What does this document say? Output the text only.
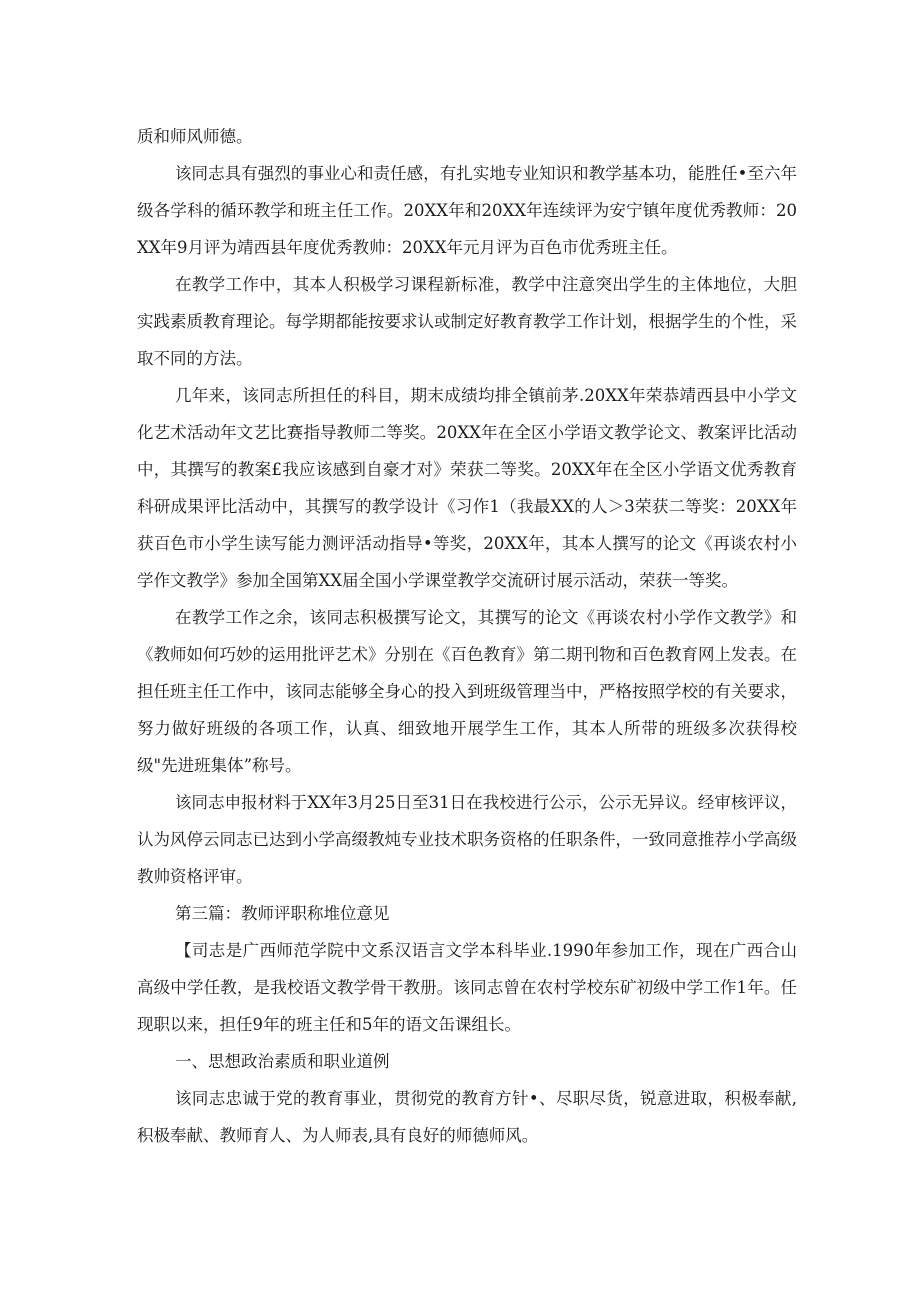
质和师风师德。

该同志具有强烈的事业心和责任感，有扎实地专业知识和教学基本功，能胜任•至六年级各学科的循环教学和班主任工作。20XX年和20XX年连续评为安宁镇年度优秀教师：20XX年9月评为靖西县年度优秀教帅：20XX年元月评为百色市优秀班主任。

在教学工作中，其本人积极学习课程新标准，教学中注意突出学生的主体地位，大胆实践素质教育理论。每学期都能按要求认或制定好教育教学工作计划，根据学生的个性，采取不同的方法。

几年来，该同志所担任的科目，期末成绩均排全镇前茅.20XX年荣恭靖西县中小学文化艺术活动年文艺比赛指导教师二等奖。20XX年在全区小学语文教学论文、教案评比活动中，其撰写的教案£我应该感到自豪才对》荣获二等奖。20XX年在全区小学语文优秀教育科研成果评比活动中，其撰写的教学设计《习作1（我最XX的人＞3荣获二等奖：20XX年获百色市小学生读写能力测评活动指导•等奖，20XX年，其本人撰写的论文《再谈农村小学作文教学》参加全国第XX届全国小学课堂教学交流研讨展示活动，荣获一等奖。

在教学工作之余，该同志积极撰写论文，其撰写的论文《再谈农村小学作文教学》和《教师如何巧妙的运用批评艺术》分别在《百色教育》第二期刊物和百色教育网上发表。在担任班主任工作中，该同志能够全身心的投入到班级管理当中，严格按照学校的有关要求，努力做好班级的各项工作，认真、细致地开展学生工作，其本人所带的班级多次获得校级"先进班集体”称号。

该同志申报材料于XX年3月25日至31日在我校进行公示，公示无异议。经审核评议，认为风停云同志已达到小学高缀教炖专业技术职务资格的任职条件，一致同意推荐小学高级教帅资格评审。

第三篇：教师评职称堆位意见

【司志是广西师范学院中文系汉语言文学本科毕业.1990年参加工作，现在广西合山高级中学任教，是我校语文教学骨干教册。该同志曾在农村学校东矿初级中学工作1年。任现职以来，担任9年的班主任和5年的语文缶课组长。

一、思想政治素质和职业道例

该同志忠诚于党的教育事业，贯彻党的教育方针•、尽职尽货，锐意进取，积极奉献,积极奉献、教师育人、为人师表,具有良好的师德师风。
